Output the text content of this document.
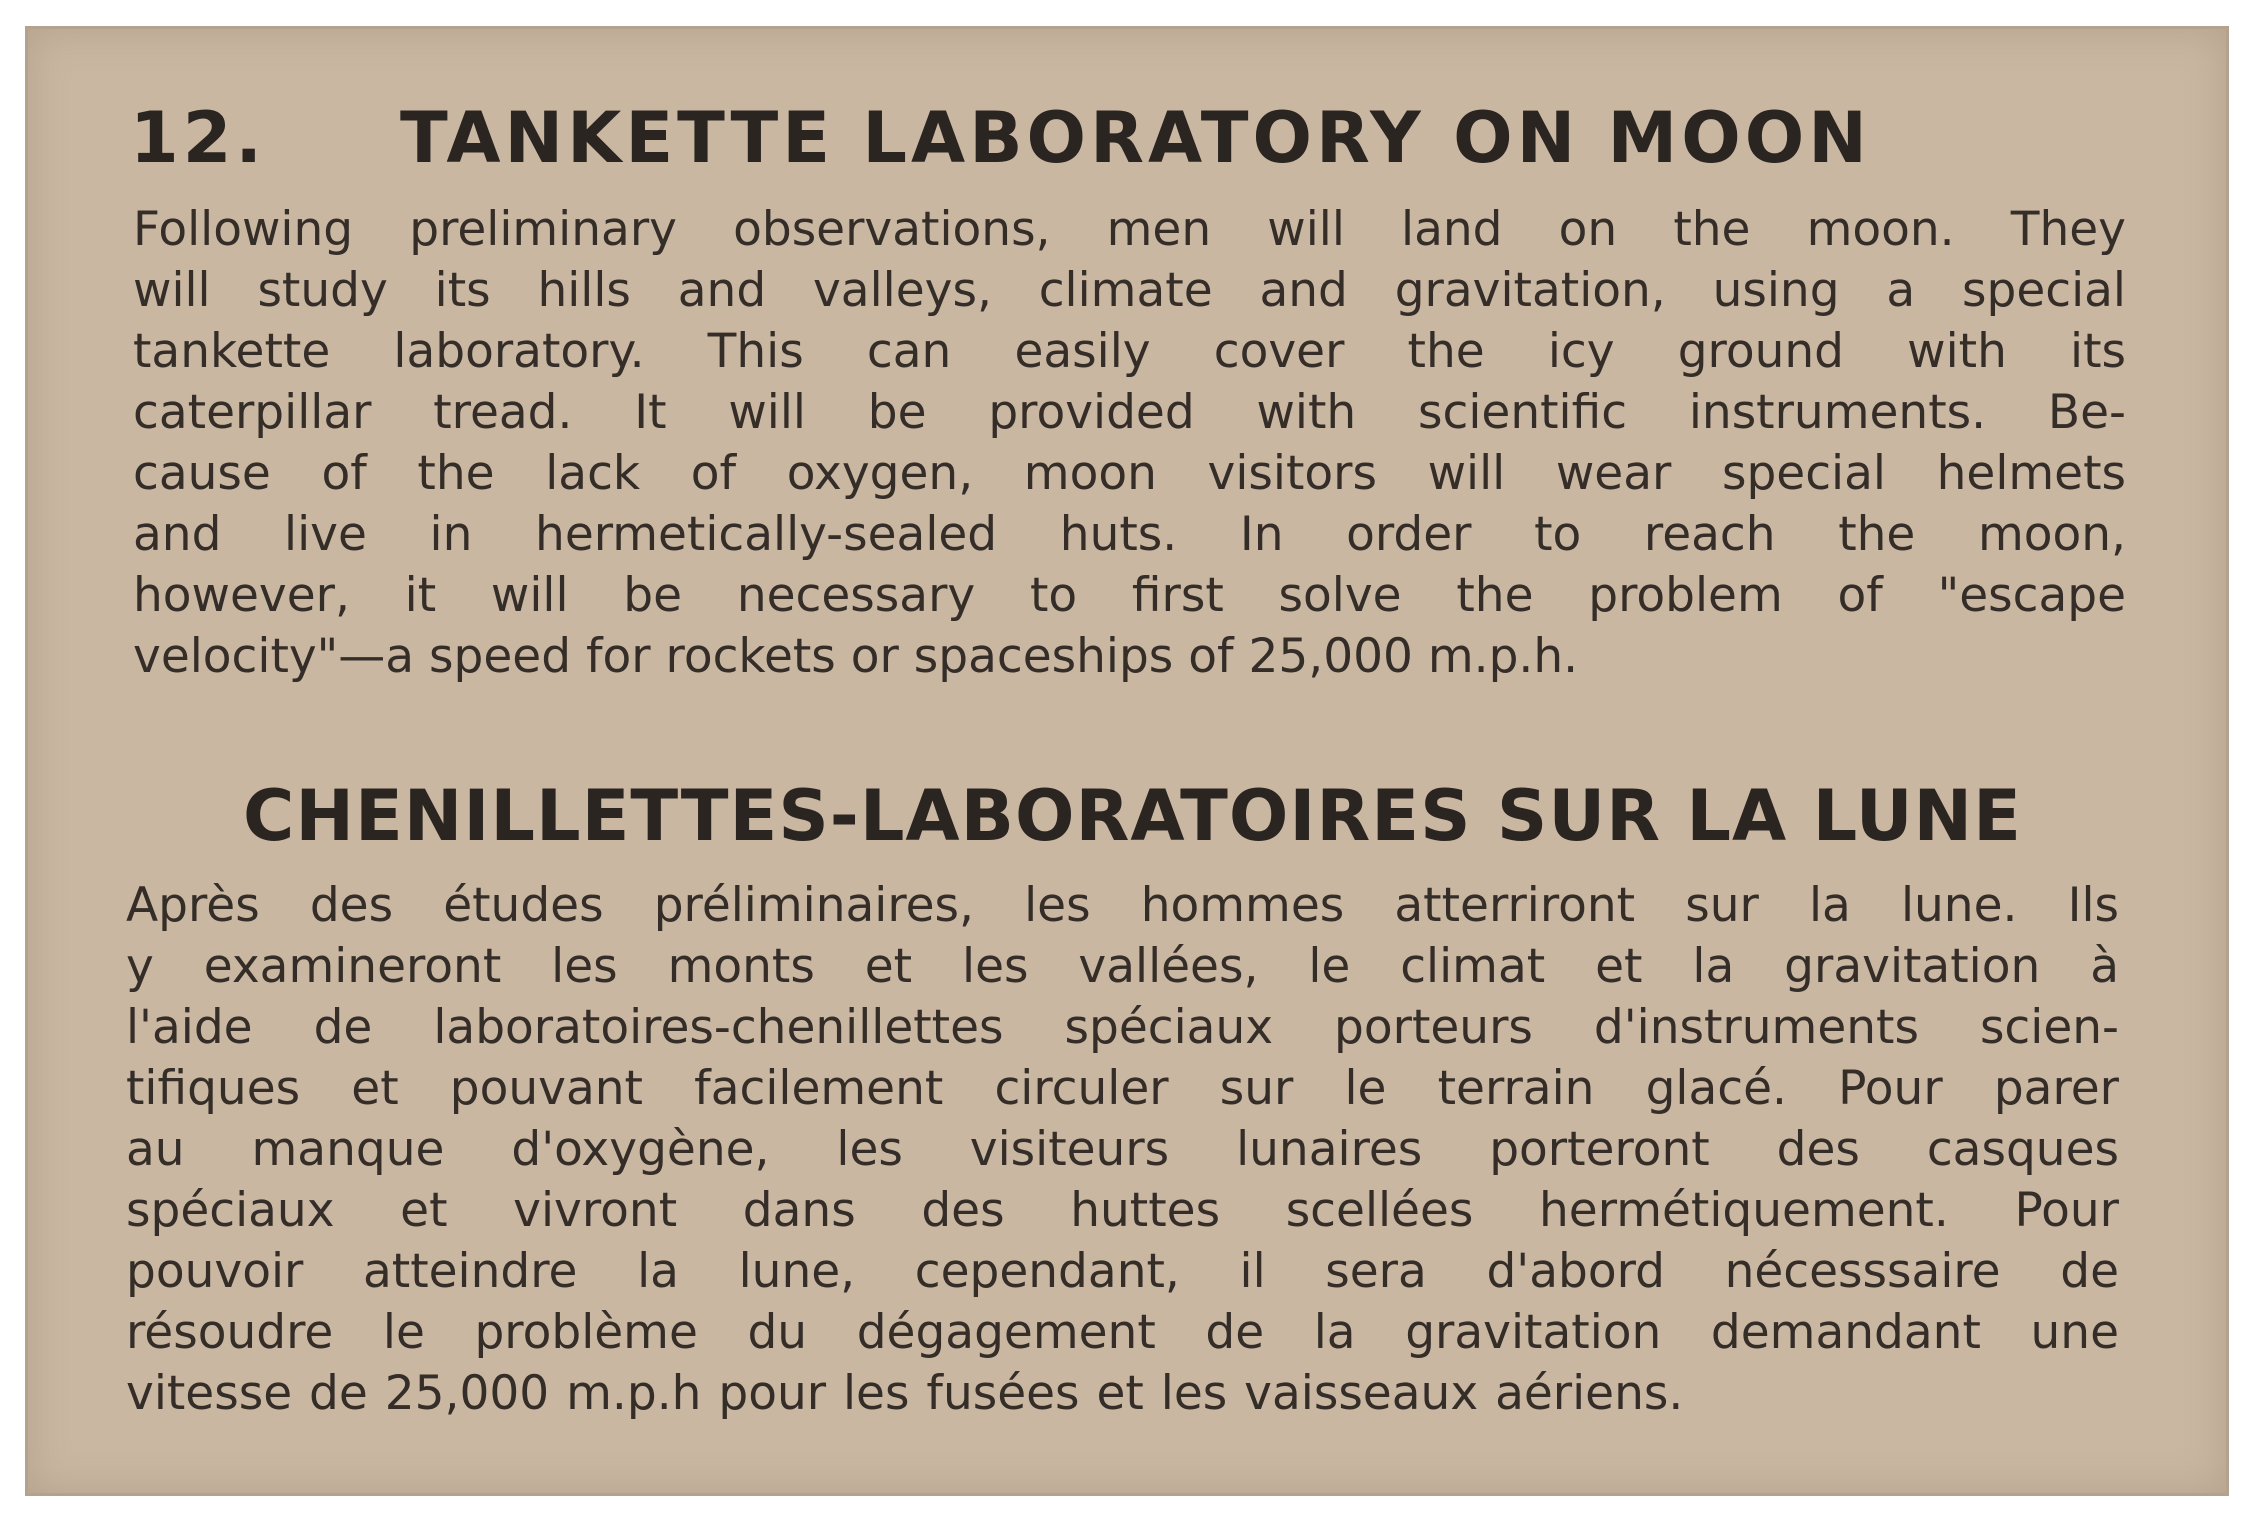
12. TANKETTE LABORATORY ON MOON
Following preliminary observations, men will land on the moon. They
will study its hills and valleys, climate and gravitation, using a special
tankette laboratory. This can easily cover the icy ground with its
caterpillar tread. It will be provided with scientific instruments. Be-
cause of the lack of oxygen, moon visitors will wear special helmets
and live in hermetically-sealed huts. In order to reach the moon,
however, it will be necessary to first solve the problem of "escape
velocity"—a speed for rockets or spaceships of 25,000 m.p.h.
CHENILLETTES-LABORATOIRES SUR LA LUNE
Après des études préliminaires, les hommes atterriront sur la lune. Ils
y examineront les monts et les vallées, le climat et la gravitation à
l'aide de laboratoires-chenillettes spéciaux porteurs d'instruments scien-
tifiques et pouvant facilement circuler sur le terrain glacé. Pour parer
au manque d'oxygène, les visiteurs lunaires porteront des casques
spéciaux et vivront dans des huttes scellées hermétiquement. Pour
pouvoir atteindre la lune, cependant, il sera d'abord nécesssaire de
résoudre le problème du dégagement de la gravitation demandant une
vitesse de 25,000 m.p.h pour les fusées et les vaisseaux aériens.
